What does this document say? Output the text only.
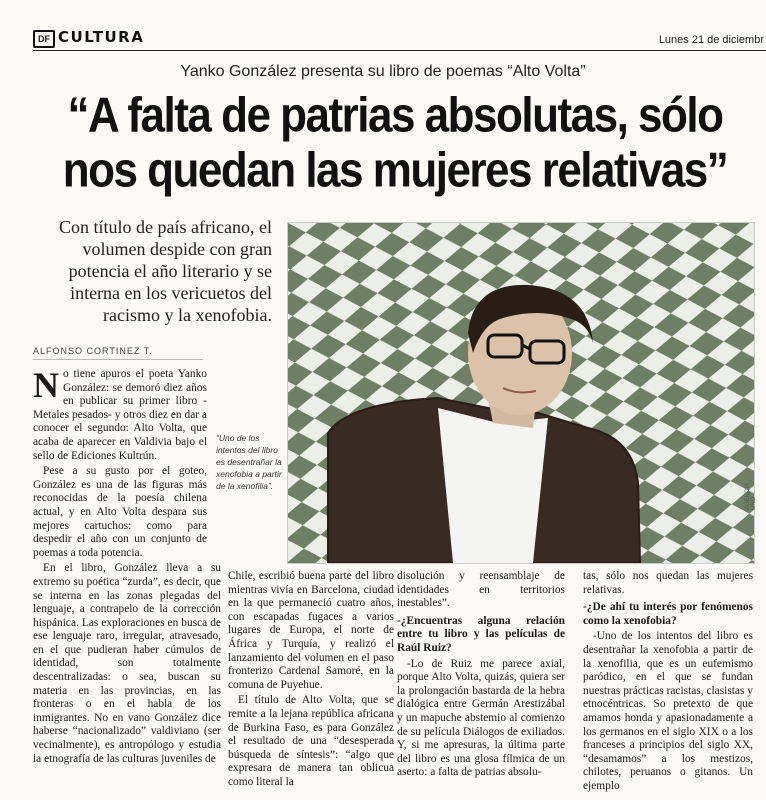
DF CULTURA	Lunes 21 de diciembr
Yanko González presenta su libro de poemas “Alto Volta”
“A falta de patrias absolutas, sólo
nos quedan las mujeres relativas”
Con título de país africano, el volumen despide con gran potencia el año literario y se interna en los vericuetos del racismo y la xenofobia.
ALFONSO CORTINEZ T.
“Uno de los intentos del libro es desentrañar la xenofobia a partir de la xenofilia”.	AGENCIA UNO
N o tiene apuros el poeta Yanko González: se demoró diez años en publicar su primer libro -Metales pesados- y otros diez en dar a conocer el segundo: Alto Volta, que acaba de aparecer en Valdivia bajo el sello de Ediciones Kultrún.

Pese a su gusto por el goteo, González es una de las figuras más reconocidas de la poesía chilena actual, y en Alto Volta despara sus mejores cartuchos: como para despedir el año con un conjunto de poemas a toda potencia.

En el libro, González lleva a su extremo su poética “zurda”, es decir, que se interna en las zonas plegadas del lenguaje, a contrapelo de la corrección hispánica. Las exploraciones en busca de ese lenguaje raro, irregular, atravesado, en el que pudieran haber cúmulos de identidad, son totalmente descentralizadas: o sea, buscan su materia en las provincias, en las fronteras o en el habla de los inmigrantes. No en vano González dice haberse “nacionalizado” valdiviano (ser vecinalmente), es antropólogo y estudia la etnografía de las culturas juveniles de

Chile, escribió buena parte del libro mientras vivía en Barcelona, ciudad en la que permaneció cuatro años, con escapadas fugaces a varios lugares de Europa, el norte de África y Turquía, y realizó el lanzamiento del volumen en el paso fronterizo Cardenal Samoré, en la comuna de Puyehue.

El título de Alto Volta, que se remite a la lejana república africana de Burkina Faso, es para González el resultado de una “desesperada búsqueda de síntesis”: “algo que expresara de manera tan oblicua como literal la

disolución y reensamblaje de identidades en territorios inestables”.

-¿Encuentras alguna relación entre tu libro y las películas de Raúl Ruiz?

-Lo de Ruiz me parece axial, porque Alto Volta, quizás, quiera ser la prolongación bastarda de la hebra dialógica entre Germán Arestizábal y un mapuche abstemio al comienzo de su película Diálogos de exiliados. Y, si me apresuras, la última parte del libro es una glosa fílmica de un aserto: a falta de patrias absolu-

tas, sólo nos quedan las mujeres relativas.

-¿De ahí tu interés por fenómenos como la xenofobia?

-Uno de los intentos del libro es desentrañar la xenofobia a partir de la xenofilia, que es un eufemismo paródico, en el que se fundan nuestras prácticas racistas, clasistas y etnocéntricas. So pretexto de que amamos honda y apasionadamente a los germanos en el siglo XIX o a los franceses a principios del siglo XX, “desamamos” a los mestizos, chilotes, peruanos o gitanos. Un ejemplo
